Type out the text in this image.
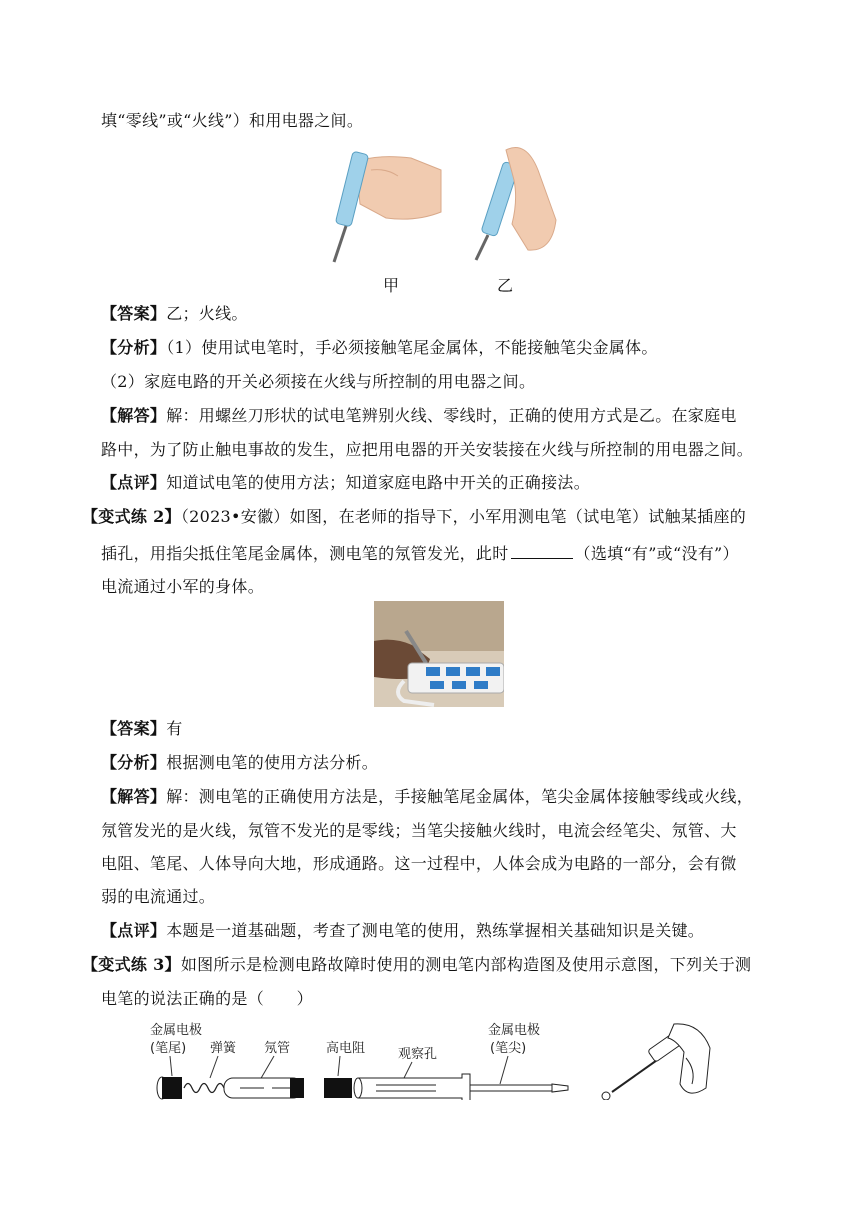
填“零线”或“火线”）和用电器之间。
甲	乙
【答案】乙；火线。
【分析】（1）使用试电笔时，手必须接触笔尾金属体，不能接触笔尖金属体。
（2）家庭电路的开关必须接在火线与所控制的用电器之间。
【解答】解：用螺丝刀形状的试电笔辨别火线、零线时，正确的使用方式是乙。在家庭电
路中，为了防止触电事故的发生，应把用电器的开关安装接在火线与所控制的用电器之间。
【点评】知道试电笔的使用方法；知道家庭电路中开关的正确接法。
【变式练 2】（2023•安徽）如图，在老师的指导下，小军用测电笔（试电笔）试触某插座的
插孔，用指尖抵住笔尾金属体，测电笔的氖管发光，此时	（选填“有”或“没有”）
电流通过小军的身体。
【答案】有
【分析】根据测电笔的使用方法分析。
【解答】解：测电笔的正确使用方法是，手接触笔尾金属体，笔尖金属体接触零线或火线，
氖管发光的是火线，氖管不发光的是零线；当笔尖接触火线时，电流会经笔尖、氖管、大
电阻、笔尾、人体导向大地，形成通路。这一过程中，人体会成为电路的一部分，会有微
弱的电流通过。
【点评】本题是一道基础题，考查了测电笔的使用，熟练掌握相关基础知识是关键。
【变式练 3】如图所示是检测电路故障时使用的测电笔内部构造图及使用示意图，下列关于测
电笔的说法正确的是（　　）
金属电极
(笔尾) 弹簧 氖管	高电阻	观察孔
金属电极
(笔尖)
